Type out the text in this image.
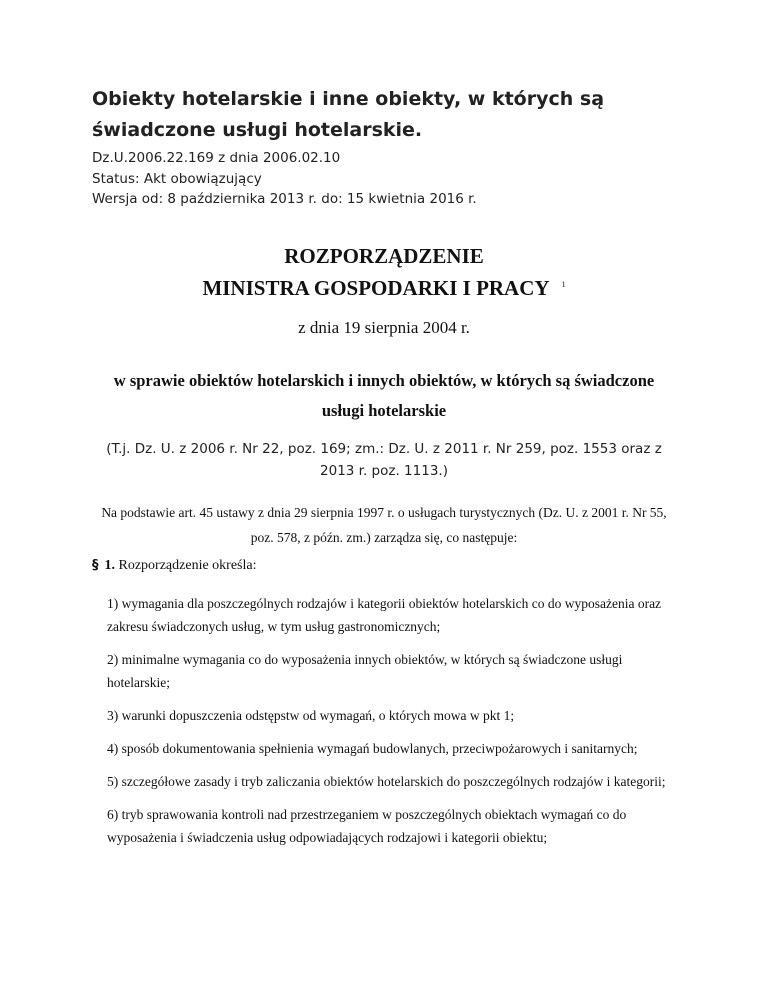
Obiekty hotelarskie i inne obiekty, w których są świadczone usługi hotelarskie.
Dz.U.2006.22.169 z dnia 2006.02.10
Status: Akt obowiązujący
Wersja od: 8 października 2013 r. do: 15 kwietnia 2016 r.
ROZPORZĄDZENIE
MINISTRA GOSPODARKI I PRACY $^1$
z dnia 19 sierpnia 2004 r.
w sprawie obiektów hotelarskich i innych obiektów, w których są świadczone usługi hotelarskie
(T.j. Dz. U. z 2006 r. Nr 22, poz. 169; zm.: Dz. U. z 2011 r. Nr 259, poz. 1553 oraz z 2013 r. poz. 1113.)
Na podstawie art. 45 ustawy z dnia 29 sierpnia 1997 r. o usługach turystycznych (Dz. U. z 2001 r. Nr 55, poz. 578, z późn. zm.) zarządza się, co następuje:
§ 1. Rozporządzenie określa:
1) wymagania dla poszczególnych rodzajów i kategorii obiektów hotelarskich co do wyposażenia oraz zakresu świadczonych usług, w tym usług gastronomicznych;
2) minimalne wymagania co do wyposażenia innych obiektów, w których są świadczone usługi hotelarskie;
3) warunki dopuszczenia odstępstw od wymagań, o których mowa w pkt 1;
4) sposób dokumentowania spełnienia wymagań budowlanych, przeciwpożarowych i sanitarnych;
5) szczegółowe zasady i tryb zaliczania obiektów hotelarskich do poszczególnych rodzajów i kategorii;
6) tryb sprawowania kontroli nad przestrzeganiem w poszczególnych obiektach wymagań co do wyposażenia i świadczenia usług odpowiadających rodzajowi i kategorii obiektu;
